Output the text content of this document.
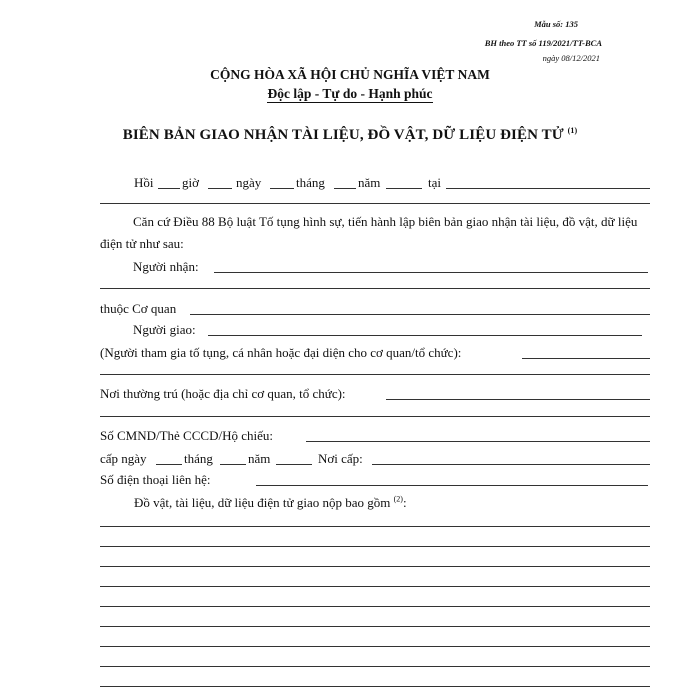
Mẫu số: 135
BH theo TT số 119/2021/TT-BCA
ngày 08/12/2021
CỘNG HÒA XÃ HỘI CHỦ NGHĨA VIỆT NAM
Độc lập - Tự do - Hạnh phúc
BIÊN BẢN GIAO NHẬN TÀI LIỆU, ĐỒ VẬT, DỮ LIỆU ĐIỆN TỬ $^{(1)}$
Hồi giờ	ngày	tháng	năm	tại
Căn cứ Điều 88 Bộ luật Tố tụng hình sự, tiến hành lập biên bản giao nhận tài liệu, đồ vật, dữ liệu điện tử như sau:
Người nhận:
thuộc Cơ quan
Người giao:
(Người tham gia tố tụng, cá nhân hoặc đại diện cho cơ quan/tổ chức):
Nơi thường trú (hoặc địa chỉ cơ quan, tổ chức):
Số CMND/Thẻ CCCD/Hộ chiếu:
cấp ngày	tháng	năm	Nơi cấp:
Số điện thoại liên hệ:
Đồ vật, tài liệu, dữ liệu điện tử giao nộp bao gồm $^{(2)}$:
